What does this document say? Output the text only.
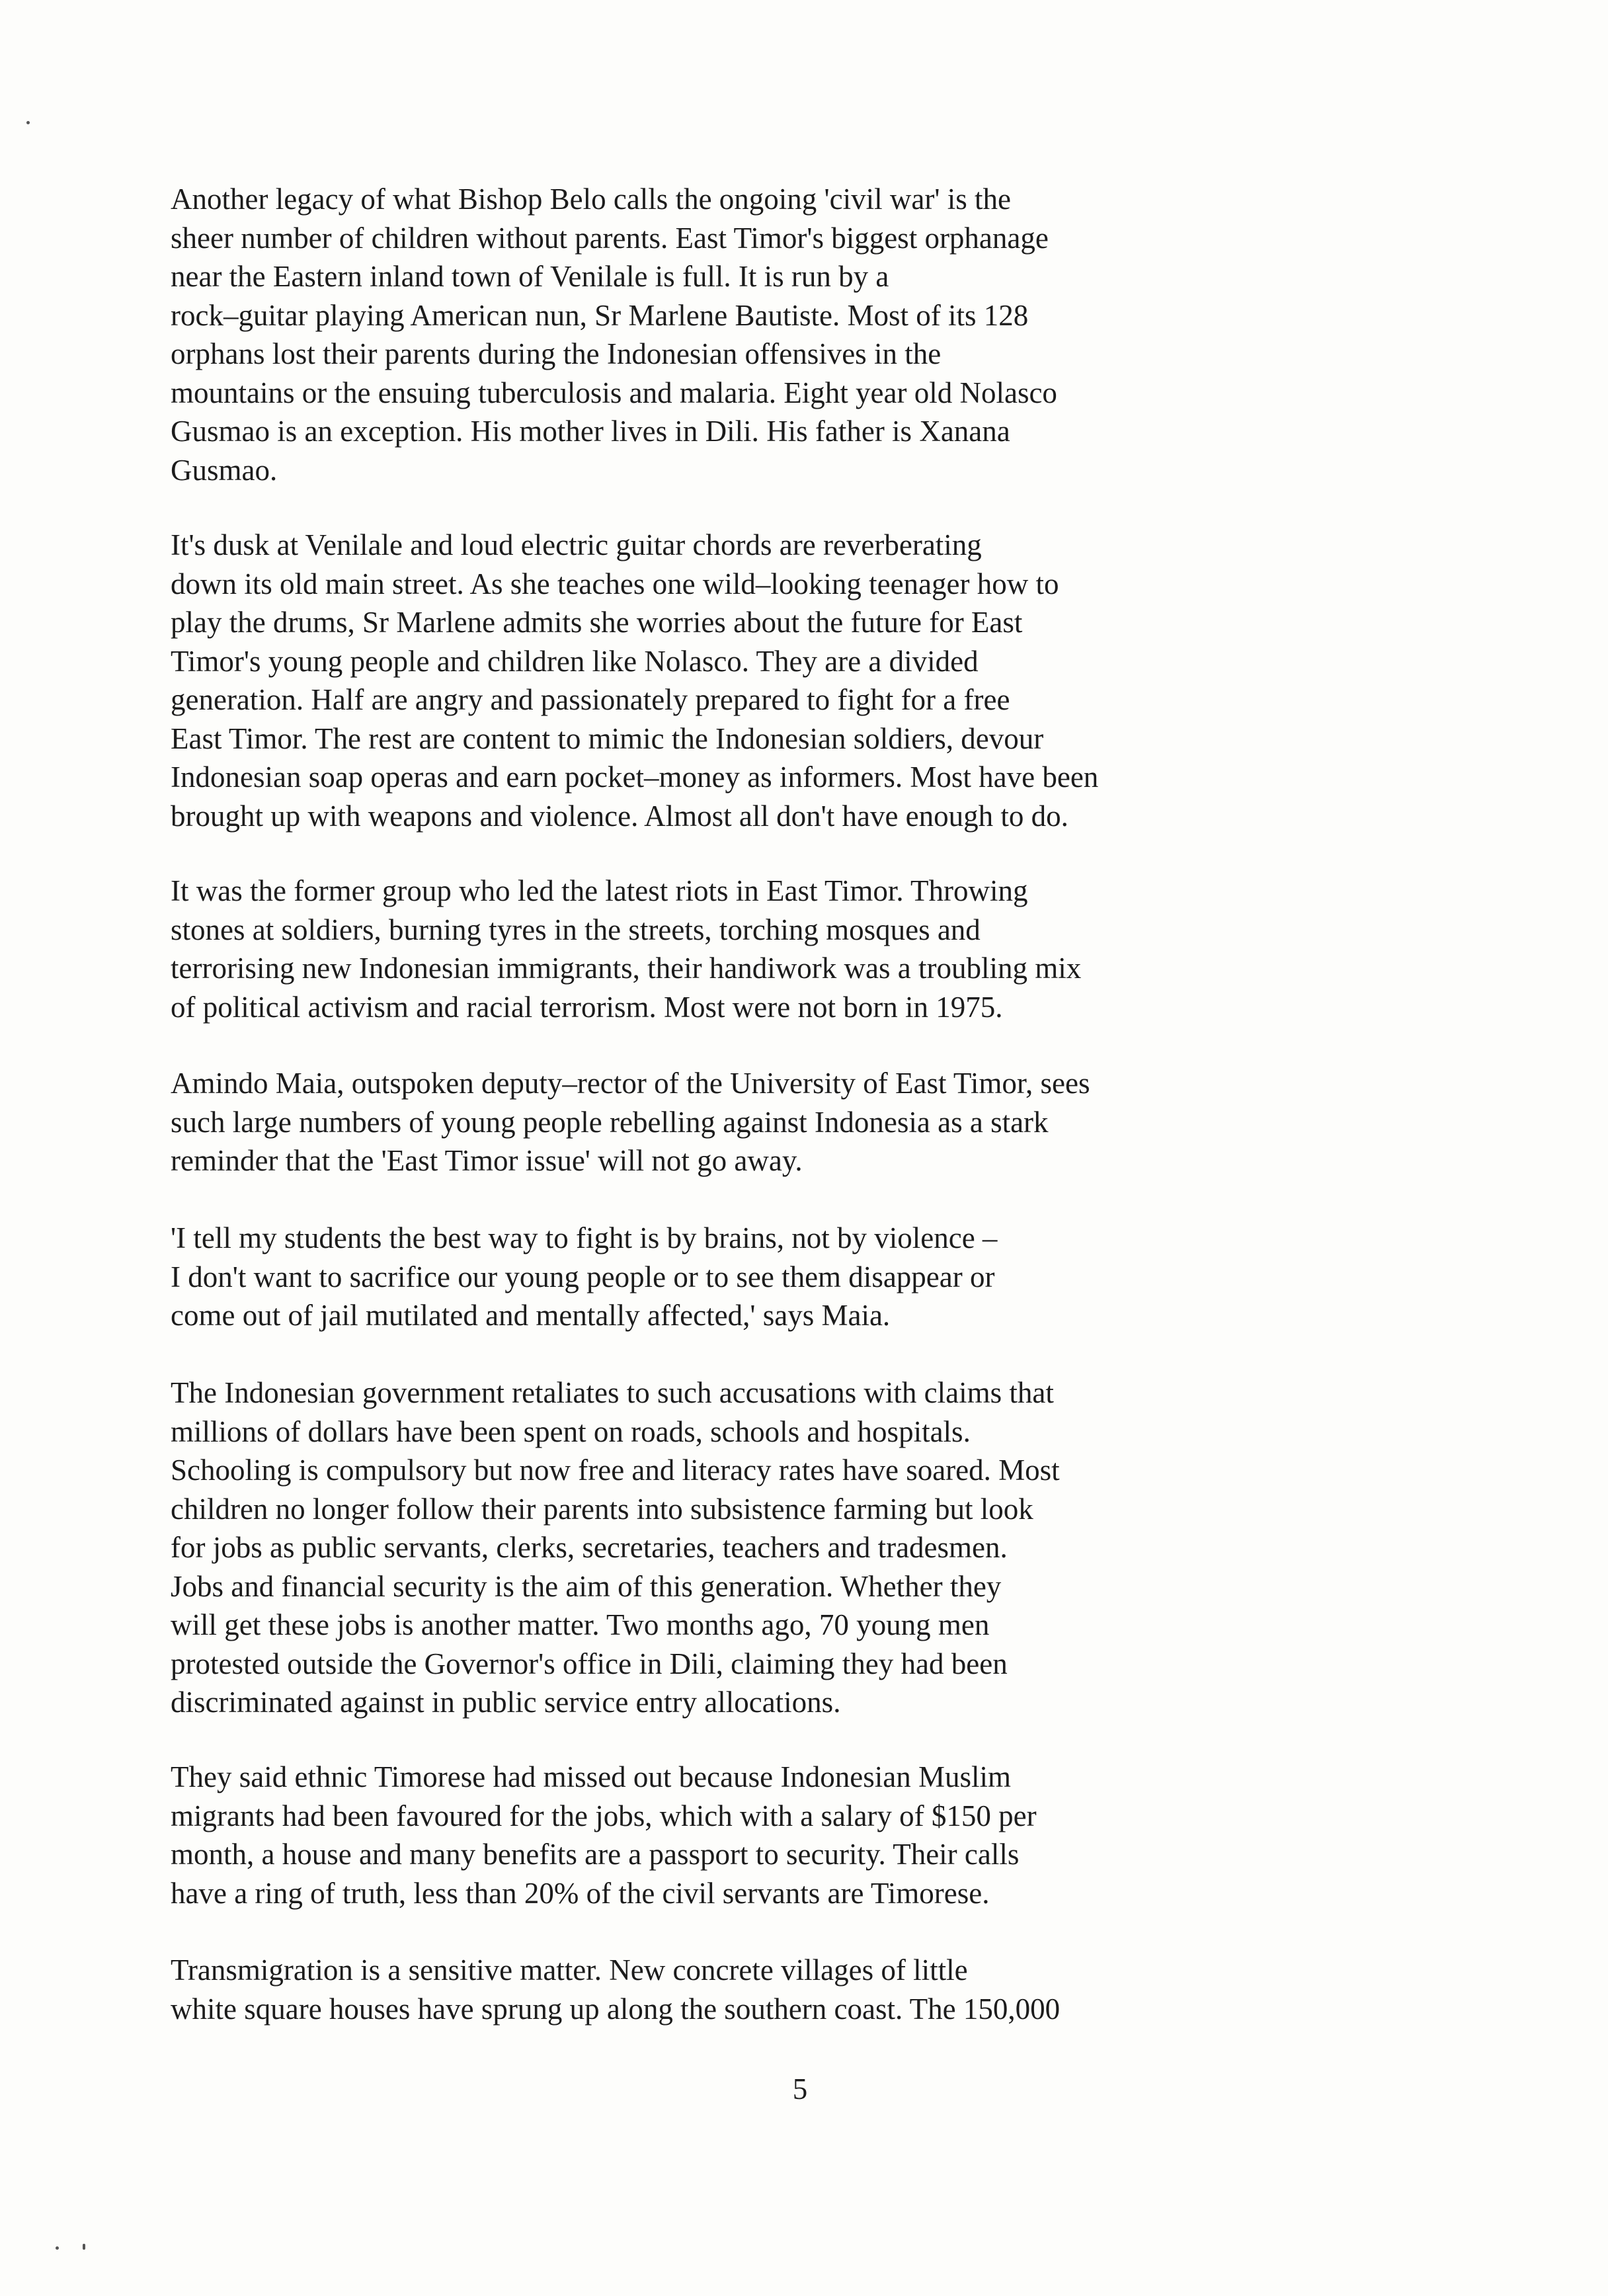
Another legacy of what Bishop Belo calls the ongoing 'civil war' is the
sheer number of children without parents. East Timor's biggest orphanage
near the Eastern inland town of Venilale is full. It is run by a
rock–guitar playing American nun, Sr Marlene Bautiste. Most of its 128
orphans lost their parents during the Indonesian offensives in the
mountains or the ensuing tuberculosis and malaria. Eight year old Nolasco
Gusmao is an exception. His mother lives in Dili. His father is Xanana
Gusmao.
It's dusk at Venilale and loud electric guitar chords are reverberating
down its old main street. As she teaches one wild–looking teenager how to
play the drums, Sr Marlene admits she worries about the future for East
Timor's young people and children like Nolasco. They are a divided
generation. Half are angry and passionately prepared to fight for a free
East Timor. The rest are content to mimic the Indonesian soldiers, devour
Indonesian soap operas and earn pocket–money as informers. Most have been
brought up with weapons and violence. Almost all don't have enough to do.
It was the former group who led the latest riots in East Timor. Throwing
stones at soldiers, burning tyres in the streets, torching mosques and
terrorising new Indonesian immigrants, their handiwork was a troubling mix
of political activism and racial terrorism. Most were not born in 1975.
Amindo Maia, outspoken deputy–rector of the University of East Timor, sees
such large numbers of young people rebelling against Indonesia as a stark
reminder that the 'East Timor issue' will not go away.
'I tell my students the best way to fight is by brains, not by violence –
I don't want to sacrifice our young people or to see them disappear or
come out of jail mutilated and mentally affected,' says Maia.
The Indonesian government retaliates to such accusations with claims that
millions of dollars have been spent on roads, schools and hospitals.
Schooling is compulsory but now free and literacy rates have soared. Most
children no longer follow their parents into subsistence farming but look
for jobs as public servants, clerks, secretaries, teachers and tradesmen.
Jobs and financial security is the aim of this generation. Whether they
will get these jobs is another matter. Two months ago, 70 young men
protested outside the Governor's office in Dili, claiming they had been
discriminated against in public service entry allocations.
They said ethnic Timorese had missed out because Indonesian Muslim
migrants had been favoured for the jobs, which with a salary of $150 per
month, a house and many benefits are a passport to security. Their calls
have a ring of truth, less than 20% of the civil servants are Timorese.
Transmigration is a sensitive matter. New concrete villages of little
white square houses have sprung up along the southern coast. The 150,000

5
